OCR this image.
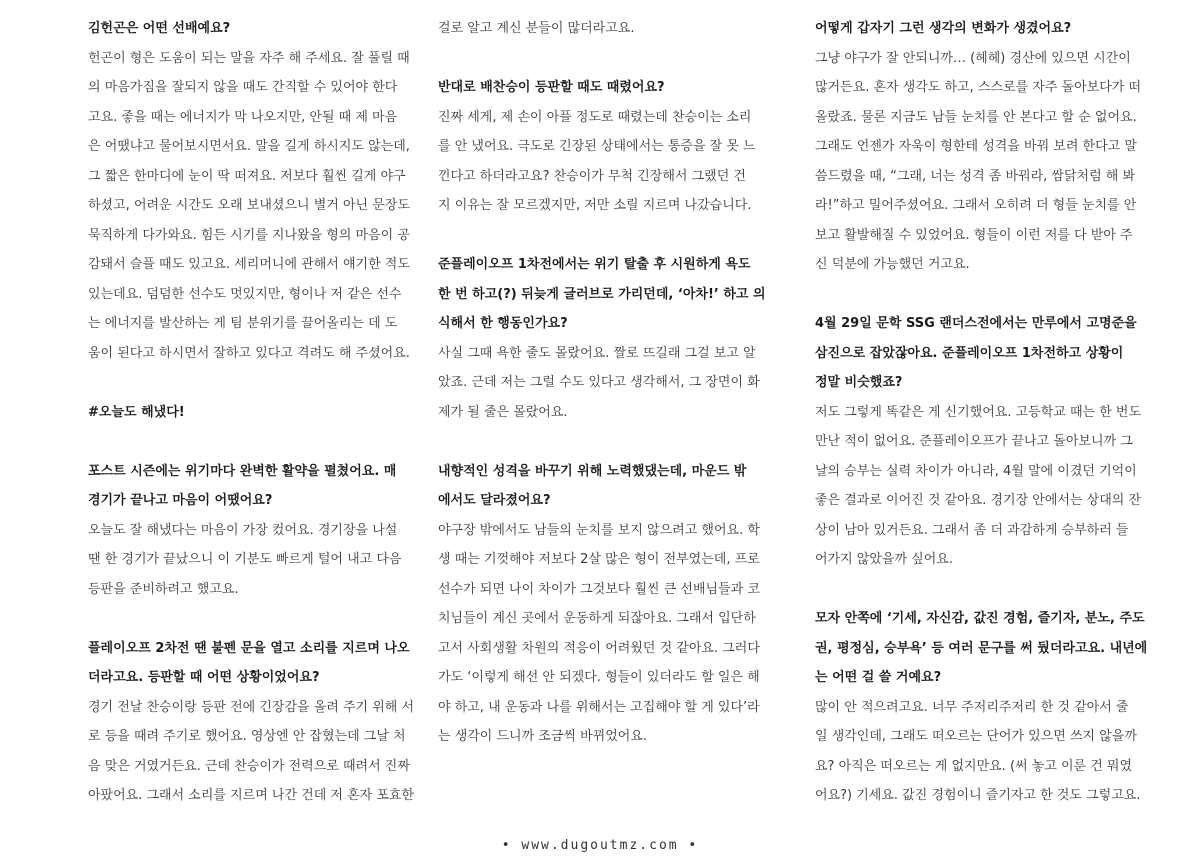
김헌곤은 어떤 선배예요?
헌곤이 형은 도움이 되는 말을 자주 해 주세요. 잘 풀릴 때
의 마음가짐을 잘되지 않을 때도 간직할 수 있어야 한다
고요. 좋을 때는 에너지가 막 나오지만, 안될 때 제 마음
은 어땠냐고 물어보시면서요. 말을 길게 하시지도 않는데,
그 짧은 한마디에 눈이 딱 떠져요. 저보다 훨씬 길게 야구
하셨고, 어려운 시간도 오래 보내셨으니 별거 아닌 문장도
묵직하게 다가와요. 힘든 시기를 지나왔을 형의 마음이 공
감돼서 슬플 때도 있고요. 세리머니에 관해서 얘기한 적도
있는데요. 덤덤한 선수도 멋있지만, 형이나 저 같은 선수
는 에너지를 발산하는 게 팀 분위기를 끌어올리는 데 도
움이 된다고 하시면서 잘하고 있다고 격려도 해 주셨어요.
#오늘도 해냈다!
포스트 시즌에는 위기마다 완벽한 활약을 펼쳤어요. 매
경기가 끝나고 마음이 어땠어요?
오늘도 잘 해냈다는 마음이 가장 컸어요. 경기장을 나설
땐 한 경기가 끝났으니 이 기분도 빠르게 털어 내고 다음
등판을 준비하려고 했고요.
플레이오프 2차전 땐 불펜 문을 열고 소리를 지르며 나오
더라고요. 등판할 때 어떤 상황이었어요?
경기 전날 찬승이랑 등판 전에 긴장감을 올려 주기 위해 서
로 등을 때려 주기로 했어요. 영상엔 안 잡혔는데 그날 처
음 맞은 거였거든요. 근데 찬승이가 전력으로 때려서 진짜
아팠어요. 그래서 소리를 지르며 나간 건데 저 혼자 포효한
걸로 알고 계신 분들이 많더라고요.
반대로 배찬승이 등판할 때도 때렸어요?
진짜 세게, 제 손이 아플 정도로 때렸는데 찬승이는 소리
를 안 냈어요. 극도로 긴장된 상태에서는 통증을 잘 못 느
낀다고 하더라고요? 찬승이가 무척 긴장해서 그랬던 건
지 이유는 잘 모르겠지만, 저만 소릴 지르며 나갔습니다.
준플레이오프 1차전에서는 위기 탈출 후 시원하게 욕도
한 번 하고(?) 뒤늦게 글러브로 가리던데, ‘아차!’ 하고 의
식해서 한 행동인가요?
사실 그때 욕한 줄도 몰랐어요. 짤로 뜨길래 그걸 보고 알
았죠. 근데 저는 그럴 수도 있다고 생각해서, 그 장면이 화
제가 될 줄은 몰랐어요.
내향적인 성격을 바꾸기 위해 노력했댔는데, 마운드 밖
에서도 달라졌어요?
야구장 밖에서도 남들의 눈치를 보지 않으려고 했어요. 학
생 때는 기껏해야 저보다 2살 많은 형이 전부였는데, 프로
선수가 되면 나이 차이가 그것보다 훨씬 큰 선배님들과 코
치님들이 계신 곳에서 운동하게 되잖아요. 그래서 입단하
고서 사회생활 차원의 적응이 어려웠던 것 같아요. 그러다
가도 ‘이렇게 해선 안 되겠다. 형들이 있더라도 할 일은 해
야 하고, 내 운동과 나를 위해서는 고집해야 할 게 있다’라
는 생각이 드니까 조금씩 바뀌었어요.
어떻게 갑자기 그런 생각의 변화가 생겼어요?
그냥 야구가 잘 안되니까… (헤헤) 경산에 있으면 시간이
많거든요. 혼자 생각도 하고, 스스로를 자주 돌아보다가 떠
올랐죠. 물론 지금도 남들 눈치를 안 본다고 할 순 없어요.
그래도 언젠가 자욱이 형한테 성격을 바꿔 보려 한다고 말
씀드렸을 때, “그래, 너는 성격 좀 바꿔라, 쌈닭처럼 해 봐
라!”하고 밀어주셨어요. 그래서 오히려 더 형들 눈치를 안
보고 활발해질 수 있었어요. 형들이 이런 저를 다 받아 주
신 덕분에 가능했던 거고요.
4월 29일 문학 SSG 랜더스전에서는 만루에서 고명준을
삼진으로 잡았잖아요. 준플레이오프 1차전하고 상황이
정말 비슷했죠?
저도 그렇게 똑같은 게 신기했어요. 고등학교 때는 한 번도
만난 적이 없어요. 준플레이오프가 끝나고 돌아보니까 그
날의 승부는 실력 차이가 아니라, 4월 말에 이겼던 기억이
좋은 결과로 이어진 것 같아요. 경기장 안에서는 상대의 잔
상이 남아 있거든요. 그래서 좀 더 과감하게 승부하러 들
어가지 않았을까 싶어요.
모자 안쪽에 ‘기세, 자신감, 값진 경험, 즐기자, 분노, 주도
권, 평정심, 승부욕’ 등 여러 문구를 써 뒀더라고요. 내년에
는 어떤 걸 쓸 거예요?
많이 안 적으려고요. 너무 주저리주저리 한 것 같아서 줄
일 생각인데, 그래도 떠오르는 단어가 있으면 쓰지 않을까
요? 아직은 떠오르는 게 없지만요. (써 놓고 이룬 건 뭐였
어요?) 기세요. 값진 경험이니 즐기자고 한 것도 그렇고요.
• www.dugoutmz.com •
